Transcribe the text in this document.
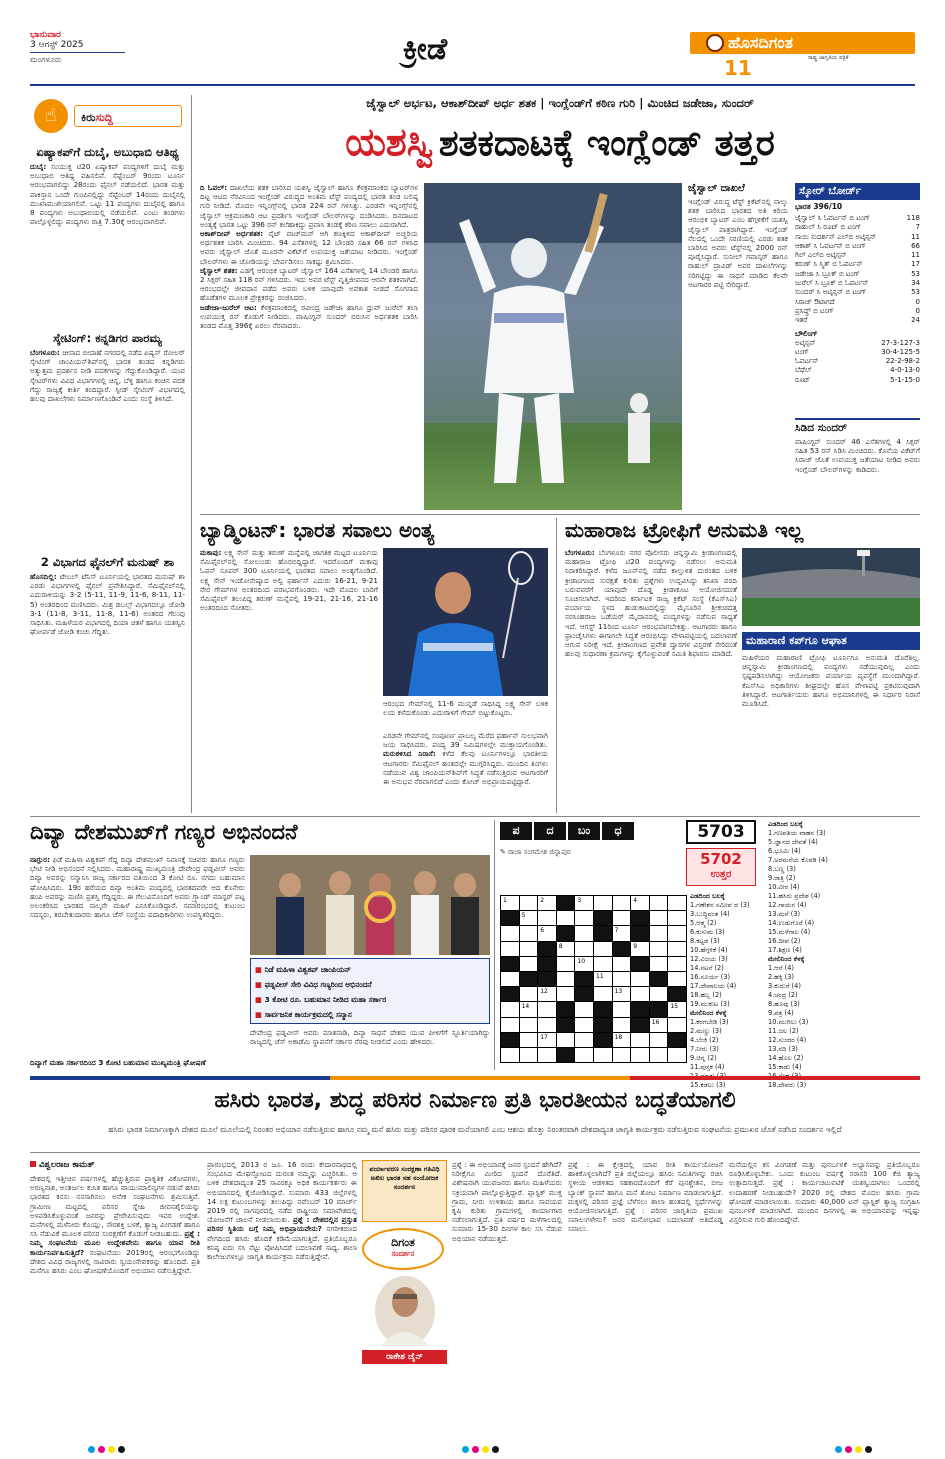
ಭಾನುವಾರ
3 ಆಗಸ್ಟ್ 2025
ಮಂಗಳೂರು	ಕ್ರೀಡೆ	ಹೊಸದಿಗಂತ
ರಾಷ್ಟ್ರ ಜಾಗೃತಿಯ ಪತ್ರಿಕೆ
11
☝	ಕಿರುಸುದ್ದಿ
ಏಷ್ಯಾಕಪ್‌ಗೆ ದುಬೈ, ಅಬುಧಾಬಿ ಆತಿಥ್ಯ
ದುಬೈ: ಸಂಯುಕ್ತ ಟಿ20 ಏಷ್ಯಾಕಪ್ ಪಂದ್ಯಗಳಿಗೆ ದುಬೈ ಮತ್ತು ಅಬುಧಾಬಿ ಆತಿಥ್ಯ ವಹಿಸಲಿವೆ. ಸೆಪ್ಟೆಂಬರ್ 9ರಂದು ಟೂರ್ನಿ ಆರಂಭವಾಗಲಿದ್ದು 28ರಂದು ಫೈನಲ್ ನಡೆಯಲಿದೆ. ಭಾರತ ಮತ್ತು ಪಾಕಿಸ್ತಾನ ಒಂದೇ ಗುಂಪಿನಲ್ಲಿದ್ದು ಸೆಪ್ಟೆಂಬರ್ 14ರಂದು ದುಬೈನಲ್ಲಿ ಮುಖಾಮುಖಿಯಾಗಲಿವೆ. ಒಟ್ಟು 11 ಪಂದ್ಯಗಳು ದುಬೈನಲ್ಲಿ ಹಾಗೂ 8 ಪಂದ್ಯಗಳು ಅಬುಧಾಬಿಯಲ್ಲಿ ನಡೆಯಲಿವೆ. ಎಂಟು ತಂಡಗಳು ಪಾಲ್ಗೊಳ್ಳಲಿದ್ದು ಪಂದ್ಯಗಳು ರಾತ್ರಿ 7.30ಕ್ಕೆ ಆರಂಭವಾಗಲಿವೆ.
ಸ್ಕೇಟಿಂಗ್: ಕನ್ನಡಿಗರ ಪಾರಮ್ಯ
ಬೆಂಗಳೂರು: ಚೀನಾದ ಬೀದಾಹೆ ನಗರದಲ್ಲಿ ನಡೆದ ಏಷ್ಯನ್ ರೋಲರ್ ಸ್ಕೇಟಿಂಗ್ ಚಾಂಪಿಯನ್‌ಶಿಪ್‌ನಲ್ಲಿ ಭಾರತ ತಂಡದ ಕನ್ನಡಿಗರು ಅತ್ಯುತ್ತಮ ಪ್ರದರ್ಶನ ನೀಡಿ ಪದಕಗಳನ್ನು ಗೆದ್ದುಕೊಂಡಿದ್ದಾರೆ. ಯುವ ಸ್ಕೇಟರ್‌ಗಳು ವಿವಿಧ ವಿಭಾಗಗಳಲ್ಲಿ ಚಿನ್ನ, ಬೆಳ್ಳಿ ಹಾಗೂ ಕಂಚಿನ ಪದಕ ಗೆದ್ದು ರಾಜ್ಯಕ್ಕೆ ಕೀರ್ತಿ ತಂದಿದ್ದಾರೆ. ಸ್ಪೀಡ್ ಸ್ಕೇಟಿಂಗ್ ವಿಭಾಗದಲ್ಲಿ ಹಲವು ದಾಖಲೆಗಳು ನಿರ್ಮಾಣಗೊಂಡಿವೆ ಎಂದು ಸಂಸ್ಥೆ ತಿಳಿಸಿದೆ.
2 ವಿಭಾಗದ ಫೈನಲ್‌ಗೆ ಮನುಷ್ ಶಾ
ಹೊಸದಿಲ್ಲಿ: ಟೇಬಲ್ ಟೆನಿಸ್ ಟೂರ್ನಿಯಲ್ಲಿ ಭಾರತದ ಮನುಷ್ ಶಾ ಎರಡು ವಿಭಾಗಗಳಲ್ಲಿ ಫೈನಲ್ ಪ್ರವೇಶಿಸಿದ್ದಾರೆ. ಸೆಮಿಫೈನಲ್‌ನಲ್ಲಿ ಎದುರಾಳಿಯನ್ನು 3-2 (5-11, 11-9, 11-6, 8-11, 11-5) ಅಂತರದಿಂದ ಮಣಿಸಿದರು. ಮಿಶ್ರ ಡಬಲ್ಸ್ ವಿಭಾಗದಲ್ಲೂ ಜೋಡಿ 3-1 (11-8, 3-11, 11-8, 11-6) ಅಂತರದ ಗೆಲುವು ಸಾಧಿಸಿತು. ಮಹಿಳೆಯರ ವಿಭಾಗದಲ್ಲಿ ದಿಯಾ ಚಿತಳೆ ಹಾಗೂ ಯಶಸ್ವಿನಿ ಘೋರ್ಪಡೆ ಜೋಡಿ ಕಂಚು ಗೆದ್ದಿತು.
ಜೈಸ್ವಾಲ್ ಅರ್ಭಟ, ಆಕಾಶ್‌ದೀಪ್ ಅರ್ಧ ಶತಕ | ಇಂಗ್ಲೆಂಡ್‌ಗೆ ಕಠಿಣ ಗುರಿ | ಮಿಂಚಿದ ಜಡೇಜಾ, ಸುಂದರ್
ಯಶಸ್ವಿ ಶತಕದಾಟಕ್ಕೆ ಇಂಗ್ಲೆಂಡ್ ತತ್ತರ
ದಿ ಓವಲ್: ದಾಖಲೆಯ ಶತಕ ಬಾರಿಸಿದ ಯಶಸ್ವಿ ಜೈಸ್ವಾಲ್ ಹಾಗೂ ಕೆಳಕ್ರಮಾಂಕದ ಬ್ಯಾಟರ್‌ಗಳ ದಿಟ್ಟ ಆಟದ ನೆರವಿನಿಂದ ಇಂಗ್ಲೆಂಡ್ ವಿರುದ್ಧದ ಅಂತಿಮ ಟೆಸ್ಟ್ ಪಂದ್ಯದಲ್ಲಿ ಭಾರತ ತಂಡ ಬಲಿಷ್ಠ ಗುರಿ ನೀಡಿದೆ. ಮೊದಲ ಇನ್ನಿಂಗ್ಸ್‌ನಲ್ಲಿ ಭಾರತ 224 ರನ್ ಗಳಿಸಿತ್ತು. ಎರಡನೇ ಇನ್ನಿಂಗ್ಸ್‌ನಲ್ಲಿ ಜೈಸ್ವಾಲ್ ಆಕ್ರಮಣಕಾರಿ ಆಟ ಪ್ರದರ್ಶಿಸಿ ಇಂಗ್ಲೆಂಡ್ ಬೌಲರ್‌ಗಳನ್ನು ದಂಡಿಸಿದರು. ದಿನದಾಟದ ಅಂತ್ಯಕ್ಕೆ ಭಾರತ ಒಟ್ಟು 396 ರನ್ ಕಲೆಹಾಕಿದ್ದು ಪ್ರವಾಸಿ ತಂಡಕ್ಕೆ ಕಠಿಣ ಸವಾಲು ಎದುರಾಗಿದೆ.
ಆಕಾಶ್‌ದೀಪ್ ಅರ್ಧಶತಕ: ನೈಟ್ ವಾಚ್‌ಮನ್ ಆಗಿ ಕಣಕ್ಕಿಳಿದ ಆಕಾಶ್‌ದೀಪ್ ಅಚ್ಚರಿಯ ಅರ್ಧಶತಕ ಬಾರಿಸಿ ಮಿಂಚಿದರು. 94 ಎಸೆತಗಳಲ್ಲಿ 12 ಬೌಂಡರಿ ಸಹಿತ 66 ರನ್ ಗಳಿಸಿದ ಅವರು ಜೈಸ್ವಾಲ್ ಜೊತೆ ಮೂರನೇ ವಿಕೆಟ್‌ಗೆ ಉಪಯುಕ್ತ ಜತೆಯಾಟ ನೀಡಿದರು. ಇಂಗ್ಲೆಂಡ್ ಬೌಲರ್‌ಗಳು ಈ ಜೋಡಿಯನ್ನು ಬೇರ್ಪಡಿಸಲು ಸಾಕಷ್ಟು ಶ್ರಮಿಸಿದರು.
ಜೈಸ್ವಾಲ್ ಶತಕ: ಎಡಗೈ ಆರಂಭಿಕ ಬ್ಯಾಟರ್ ಜೈಸ್ವಾಲ್ 164 ಎಸೆತಗಳಲ್ಲಿ 14 ಬೌಂಡರಿ ಹಾಗೂ 2 ಸಿಕ್ಸರ್ ಸಹಿತ 118 ರನ್ ಗಳಿಸಿದರು. ಇದು ಅವರ ಟೆಸ್ಟ್ ವೃತ್ತಿಜೀವನದ ಆರನೇ ಶತಕವಾಗಿದೆ. ಆರಂಭದಲ್ಲೇ ಜೀವದಾನ ಪಡೆದ ಅವರು ಬಳಿಕ ಯಾವುದೇ ಅವಕಾಶ ನೀಡದೆ ಸೊಗಸಾದ ಹೊಡೆತಗಳ ಮೂಲಕ ಪ್ರೇಕ್ಷಕರನ್ನು ರಂಜಿಸಿದರು.
ಜಡೇಜಾ-ಜುರೆಲ್ ಆಟ: ಕೆಳಕ್ರಮಾಂಕದಲ್ಲಿ ರವೀಂದ್ರ ಜಡೇಜಾ ಹಾಗೂ ಧ್ರುವ್ ಜುರೆಲ್ ತಲಾ ಉಪಯುಕ್ತ ರನ್ ಕೊಡುಗೆ ನೀಡಿದರು. ವಾಷಿಂಗ್ಟನ್ ಸುಂದರ್ ಬಿರುಸಿನ ಅರ್ಧಶತಕ ಬಾರಿಸಿ ತಂಡದ ಮೊತ್ತ 396ಕ್ಕೆ ಏರಲು ನೆರವಾದರು.
ಜೈಸ್ವಾಲ್ ದಾಖಲೆ
ಇಂಗ್ಲೆಂಡ್ ವಿರುದ್ಧ ಟೆಸ್ಟ್ ಕ್ರಿಕೆಟ್‌ನಲ್ಲಿ ನಾಲ್ಕು ಶತಕ ಬಾರಿಸಿದ ಭಾರತದ ಅತಿ ಕಿರಿಯ ಆರಂಭಿಕ ಬ್ಯಾಟರ್ ಎಂಬ ಹೆಗ್ಗಳಿಕೆಗೆ ಯಶಸ್ವಿ ಜೈಸ್ವಾಲ್ ಪಾತ್ರರಾಗಿದ್ದಾರೆ. ಇಂಗ್ಲೆಂಡ್ ನೆಲದಲ್ಲಿ ಒಂದೇ ಸರಣಿಯಲ್ಲಿ ಎರಡು ಶತಕ ಬಾರಿಸಿದ ಅವರು ಟೆಸ್ಟ್‌ನಲ್ಲಿ 2000 ರನ್ ಪೂರೈಸಿದ್ದಾರೆ. ಸುನೀಲ್ ಗವಾಸ್ಕರ್ ಹಾಗೂ ರಾಹುಲ್ ದ್ರಾವಿಡ್ ಅವರ ದಾಖಲೆಗಳನ್ನು ಸರಿಗಟ್ಟಿದ್ದು ಈ ಸಾಧನೆ ಮಾಡಿದ ಕೆಲವೇ ಆಟಗಾರರ ಪಟ್ಟಿ ಸೇರಿದ್ದಾರೆ.
ಸ್ಕೋರ್ ಬೋರ್ಡ್
ಭಾರತ 396/10
ಜೈಸ್ವಾಲ್ ಸಿ ಓವರ್ಟನ್ ಬಿ ಟಂಗ್	118
ರಾಹುಲ್ ಸಿ ರೂಟ್ ಬಿ ಟಂಗ್	7
ಸಾಯಿ ಸುದರ್ಶನ್ ಎಲ್‌ಬಿ ಅಟ್ಕಿನ್ಸನ್	11
ಆಕಾಶ್ ಸಿ ಓವರ್ಟನ್ ಬಿ ಟಂಗ್	66
ಗಿಲ್ ಎಲ್‌ಬಿ ಅಟ್ಕಿನ್ಸನ್	11
ಕರುಣ್ ಸಿ ಸ್ಮಿತ್ ಬಿ ಓವರ್ಟನ್	17
ಜಡೇಜಾ ಸಿ ಬ್ರೂಕ್ ಬಿ ಟಂಗ್	53
ಜುರೆಲ್ ಸಿ ಬ್ರೂಕ್ ಬಿ ಓವರ್ಟನ್	34
ಸುಂದರ್ ಸಿ ಅಟ್ಕಿನ್ಸನ್ ಬಿ ಟಂಗ್	53
ಸಿರಾಜ್ ಔಟಾಗದೆ	0
ಪ್ರಸಿದ್ಧ್ ಬಿ ಟಂಗ್	0
ಇತರೆ	24
ಬೌಲಿಂಗ್
ಅಟ್ಕಿನ್ಸನ್	27-3-127-3
ಟಂಗ್	30-4-125-5
ಓವರ್ಟನ್	22-2-98-2
ಬೆಥೆಲ್	4-0-13-0
ರೂಟ್	5-1-15-0
ಸಿಡಿದ ಸುಂದರ್
ವಾಷಿಂಗ್ಟನ್ ಸುಂದರ್ 46 ಎಸೆತಗಳಲ್ಲಿ 4 ಸಿಕ್ಸರ್ ಸಹಿತ 53 ರನ್ ಸಿಡಿಸಿ ಮಿಂಚಿದರು. ಕೊನೆಯ ವಿಕೆಟ್‌ಗೆ ಸಿರಾಜ್ ಜೊತೆ ಉಪಯುಕ್ತ ಜತೆಯಾಟ ನೀಡಿದ ಅವರು ಇಂಗ್ಲೆಂಡ್ ಬೌಲರ್‌ಗಳನ್ನು ಕಾಡಿದರು.
ಬ್ಯಾಡ್ಮಿಂಟನ್: ಭಾರತ ಸವಾಲು ಅಂತ್ಯ
ಮಕಾವು: ಲಕ್ಷ್ಯ ಸೇನ್ ಮತ್ತು ತರುಣ್ ಮನ್ನೆಪಲ್ಲಿ ಜಾಗತಿಕ ಮಟ್ಟದ ಟೂರ್ನಿಯ ಸೆಮಿಫೈನಲ್‌ನಲ್ಲಿ ಸೋಲುಂಡು ಹೊರಬಿದ್ದಿದ್ದಾರೆ. ಇದರೊಂದಿಗೆ ಮಕಾವು ಓಪನ್ ಸೂಪರ್ 300 ಟೂರ್ನಿಯಲ್ಲಿ ಭಾರತದ ಸವಾಲು ಅಂತ್ಯಗೊಂಡಿದೆ. ಲಕ್ಷ್ಯ ಸೇನ್ ಇಂಡೋನೇಷ್ಯಾದ ಅಲ್ವಿ ಫರ್ಹಾನ್ ಎದುರು 16-21, 9-21 ನೇರ ಗೇಮ್‌ಗಳ ಅಂತರದಿಂದ ಪರಾಭವಗೊಂಡರು. ಇದೇ ಮೊದಲ ಬಾರಿಗೆ ಸೆಮಿಫೈನಲ್ ತಲುಪಿದ್ದ ತರುಣ್ ಮನ್ನೆಪಲ್ಲಿ 19-21, 21-16, 21-16 ಅಂತರದಿಂದ ಸೋತರು.
ಆರಂಭದ ಗೇಮ್‌ನಲ್ಲಿ 11-6 ಮುನ್ನಡೆ ಸಾಧಿಸಿದ್ದ ಲಕ್ಷ್ಯ ಸೇನ್ ಬಳಿಕ ಲಯ ಕಳೆದುಕೊಂಡು ಎದುರಾಳಿಗೆ ಗೇಮ್ ಬಿಟ್ಟುಕೊಟ್ಟರು.
ಎರಡನೇ ಗೇಮ್‌ನಲ್ಲಿ ಸಂಪೂರ್ಣ ಪ್ರಾಬಲ್ಯ ಮೆರೆದ ಫರ್ಹಾನ್ ಸುಲಭವಾಗಿ ಜಯ ಸಾಧಿಸಿದರು. ಪಂದ್ಯ 39 ನಿಮಿಷಗಳಲ್ಲೇ ಮುಕ್ತಾಯಗೊಂಡಿತು. ಮರುಕಳಿಸಿದ ನಿರಾಸೆ: ಕಳೆದ ಕೆಲವು ಟೂರ್ನಿಗಳಲ್ಲೂ ಭಾರತೀಯ ಆಟಗಾರರು ಸೆಮಿಫೈನಲ್ ಹಂತದಲ್ಲೇ ಮುಗ್ಗರಿಸಿದ್ದರು. ಮುಂದಿನ ತಿಂಗಳು ನಡೆಯುವ ವಿಶ್ವ ಚಾಂಪಿಯನ್‌ಶಿಪ್‌ಗೆ ಸಿದ್ಧತೆ ನಡೆಸುತ್ತಿರುವ ಆಟಗಾರರಿಗೆ ಈ ಅನುಭವ ನೆರವಾಗಲಿದೆ ಎಂದು ಕೋಚ್ ಅಭಿಪ್ರಾಯಪಟ್ಟಿದ್ದಾರೆ.
ಮಹಾರಾಜ ಟ್ರೋಫಿಗೆ ಅನುಮತಿ ಇಲ್ಲ
ಬೆಂಗಳೂರು: ಬೆಂಗಳೂರು ನಗರ ಪೊಲೀಸರು ಚಿನ್ನಸ್ವಾಮಿ ಕ್ರೀಡಾಂಗಣದಲ್ಲಿ ಮಹಾರಾಜ ಟ್ರೋಫಿ ಟಿ20 ಪಂದ್ಯಗಳನ್ನು ನಡೆಸಲು ಅನುಮತಿ ನಿರಾಕರಿಸಿದ್ದಾರೆ. ಕಳೆದ ಜೂನ್‌ನಲ್ಲಿ ನಡೆದ ಕಾಲ್ತುಳಿತ ದುರಂತದ ಬಳಿಕ ಕ್ರೀಡಾಂಗಣದ ಸುರಕ್ಷತೆ ಕುರಿತು ಪ್ರಶ್ನೆಗಳು ಉದ್ಭವಿಸಿದ್ದು ತನಿಖಾ ವರದಿ ಬರುವವರೆಗೆ ಯಾವುದೇ ದೊಡ್ಡ ಕ್ರೀಡಾಕೂಟ ಆಯೋಜಿಸದಂತೆ ಸೂಚಿಸಲಾಗಿದೆ. ಇದರಿಂದ ಕರ್ನಾಟಕ ರಾಜ್ಯ ಕ್ರಿಕೆಟ್ ಸಂಸ್ಥೆ (ಕೆಎಸ್‌ಸಿಎ) ಪರ್ಯಾಯ ಸ್ಥಳದ ಹುಡುಕಾಟದಲ್ಲಿದ್ದು ಮೈಸೂರಿನ ಶ್ರೀಕಂಠದತ್ತ ನರಸಿಂಹರಾಜ ಒಡೆಯರ್ ಮೈದಾನದಲ್ಲಿ ಪಂದ್ಯಗಳನ್ನು ನಡೆಸುವ ಸಾಧ್ಯತೆ ಇದೆ. ಆಗಸ್ಟ್ 11ರಿಂದ ಟೂರ್ನಿ ಆರಂಭವಾಗಬೇಕಿತ್ತು. ಆಟಗಾರರು ಹಾಗೂ ಫ್ರಾಂಚೈಸಿಗಳು ಈಗಾಗಲೇ ಸಿದ್ಧತೆ ಆರಂಭಿಸಿದ್ದು ವೇಳಾಪಟ್ಟಿಯಲ್ಲಿ ಬದಲಾವಣೆ ಆಗುವ ನಿರೀಕ್ಷೆ ಇದೆ. ಕ್ರೀಡಾಂಗಣದ ಪ್ರವೇಶ ದ್ವಾರಗಳ ವಿಸ್ತರಣೆ ಸೇರಿದಂತೆ ಹಲವು ಸುಧಾರಣಾ ಕ್ರಮಗಳನ್ನು ಕೈಗೊಳ್ಳುವಂತೆ ಸಮಿತಿ ಶಿಫಾರಸು ಮಾಡಿದೆ.
ಮಹಾರಾಣಿ ಕಪ್‌ಗೂ ಆಘಾತ
ಮಹಿಳೆಯರ ಮಹಾರಾಣಿ ಟ್ರೋಫಿ ಟೂರ್ನಿಗೂ ಅನುಮತಿ ದೊರೆತಿಲ್ಲ. ಚಿನ್ನಸ್ವಾಮಿ ಕ್ರೀಡಾಂಗಣದಲ್ಲಿ ಪಂದ್ಯಗಳು ನಡೆಯುವುದಿಲ್ಲ ಎಂದು ಸ್ಪಷ್ಟಪಡಿಸಲಾಗಿದ್ದು ಆಯೋಜಕರು ಪರ್ಯಾಯ ವ್ಯವಸ್ಥೆಗೆ ಮುಂದಾಗಿದ್ದಾರೆ. ಕೆಎಸ್‌ಸಿಎ ಅಧಿಕಾರಿಗಳು ಶೀಘ್ರದಲ್ಲೇ ಹೊಸ ವೇಳಾಪಟ್ಟಿ ಪ್ರಕಟಿಸುವುದಾಗಿ ತಿಳಿಸಿದ್ದಾರೆ. ಆಟಗಾರ್ತಿಯರು ಹಾಗೂ ಅಭಿಮಾನಿಗಳಲ್ಲಿ ಈ ನಿರ್ಧಾರ ನಿರಾಸೆ ಮೂಡಿಸಿದೆ.
ದಿವ್ಯಾ ದೇಶಮುಖ್‌ಗೆ ಗಣ್ಯರ ಅಭಿನಂದನೆ
ನಾಗ್ಪುರ: ಫಿಡೆ ಮಹಿಳಾ ವಿಶ್ವಕಪ್ ಗೆದ್ದ ದಿವ್ಯಾ ದೇಶಮುಖ್ ನಿವಾಸಕ್ಕೆ ಸಚಿವರು ಹಾಗೂ ಗಣ್ಯರು ಭೇಟಿ ನೀಡಿ ಅಭಿನಂದನೆ ಸಲ್ಲಿಸಿದರು. ಮಹಾರಾಷ್ಟ್ರ ಮುಖ್ಯಮಂತ್ರಿ ದೇವೇಂದ್ರ ಫಡ್ನವೀಸ್ ಅವರು ದಿವ್ಯಾ ಅವರನ್ನು ಸನ್ಮಾನಿಸಿ ರಾಜ್ಯ ಸರ್ಕಾರದ ವತಿಯಿಂದ 3 ಕೋಟಿ ರೂ. ನಗದು ಬಹುಮಾನ ಘೋಷಿಸಿದರು. 19ರ ಹರೆಯದ ದಿವ್ಯಾ ಅಂತಿಮ ಪಂದ್ಯದಲ್ಲಿ ಭಾರತದವರೇ ಆದ ಕೊನೇರು ಹಂಪಿ ಅವರನ್ನು ಮಣಿಸಿ ಪ್ರಶಸ್ತಿ ಗೆದ್ದಿದ್ದರು. ಈ ಗೆಲುವಿನೊಂದಿಗೆ ಅವರು ಗ್ರ್ಯಾಂಡ್ ಮಾಸ್ಟರ್ ಪಟ್ಟ ಅಲಂಕರಿಸಿದ ಭಾರತದ ನಾಲ್ಕನೇ ಮಹಿಳೆ ಎನಿಸಿಕೊಂಡಿದ್ದಾರೆ. ಸಮಾರಂಭದಲ್ಲಿ ಕುಟುಂಬ ಸದಸ್ಯರು, ತರಬೇತುದಾರರು ಹಾಗೂ ಚೆಸ್ ಸಂಸ್ಥೆಯ ಪದಾಧಿಕಾರಿಗಳು ಉಪಸ್ಥಿತರಿದ್ದರು.
■ ನಿಡೆ ಮಹಿಳಾ ವಿಶ್ವಕಪ್ ಚಾಂಪಿಯನ್
■ ಫಡ್ನವೀಸ್ ಸೇರಿ ವಿವಿಧ ಗಣ್ಯರಿಂದ ಅಭಿನಂದನೆ
■ 3 ಕೋಟಿ ರೂ. ಬಹುಮಾನ ನೀಡಿದ ಮಹಾ ಸರ್ಕಾರ
■ ಸಾರ್ವಜನಿಕ ಕಾರ್ಯಕ್ರಮದಲ್ಲಿ ಸನ್ಮಾನ
ದೇವೇಂದ್ರ ಫಡ್ನವೀಸ್ ಅವರು ಮಾತನಾಡಿ, ದಿವ್ಯಾ ಸಾಧನೆ ದೇಶದ ಯುವ ಪೀಳಿಗೆಗೆ ಸ್ಫೂರ್ತಿಯಾಗಿದ್ದು ರಾಜ್ಯದಲ್ಲಿ ಚೆಸ್ ಅಕಾಡೆಮಿ ಸ್ಥಾಪನೆಗೆ ಸರ್ಕಾರ ನೆರವು ನೀಡಲಿದೆ ಎಂದು ಹೇಳಿದರು.
ದಿವ್ಯಾಗೆ ಮಹಾ ಸರ್ಕಾರದಿಂದ 3 ಕೋಟಿ ಬಹುಮಾನ ಮುಖ್ಯಮಂತ್ರಿ ಘೋಷಣೆ
ಪ	ದ	ಬಂ	ಧ	5703
✎ ರಾಜಾ ಸಂಗಮೇಶ ಜಿನ್ನಾಪುರ	5702
ಉತ್ತರ
1	2	3	4
5
6	7
8	9
10
11
12	13
14	15
16
17	18
ಎಡದಿಂದ ಬಲಕ್ಕೆ
1.ಗಣೇಶನ ಸಮೀಪ ದ (3)
3.ಬುದ್ಧಿವಂತ (4)
5.ಆತ್ಮ (2)
6.ಕುಸುಮ (3)
8.ಕಟ್ಟಡ (3)
10.ಹೆಗ್ಗಳಿಕೆ (4)
12.ವಿಜಯ (3)
14.ನಟನೆ (2)
16.ಸೂರ್ಯ (3)
17.ದೇವಾಲಯ (4)
18.ಹಬ್ಬ (2)
19.ಮುಕುಟ (3)
ಮೇಲಿನಿಂದ ಕೆಳಕ್ಕೆ
1.ಕರಗಬೇಡಿ (3)
2.ಮಣ್ಣು (3)
4.ಬೆಂಕಿ (2)
7.ನೀರು (3)
9.ಚಿನ್ನ (2)
11.ಪುಸ್ತಕ (4)
15.ಕಡಲು (3)
ಎಡದಿಂದ ಬಲಕ್ಕೆ
1.ಗಣಪತಿಯ ವಾಹನ (3)
5.ಜ್ಞಾನದ ದೇವತೆ (4)
6.ಭೂಮಿ (4)
7.ಅರಮನೆಯ ಕೊಠಡಿ (4)
8.ಬಣ್ಣ (3)
9.ರಾತ್ರಿ (2)
10.ವೀರ (4)
11.ಹಸಿರು ಪ್ರದೇಶ (4)
12.ಗಾಯನ (4)
13.ಮನೆ (3)
14.ಉಡುಗೊರೆ (4)
15.ಮಳೆಗಾಲ (4)
16.ದೀಪ (2)
17.ಶಿಕ್ಷಣ (4)
ಮೇಲಿನಿಂದ ಕೆಳಕ್ಕೆ
1.ಆನೆ (4)
2.ಹಕ್ಕಿ (3)
3.ಕುದುರೆ (4)
4.ಚಂದ್ರ (2)
8.ಹೂವು (3)
9.ಪತ್ರ (4)
10.ಮುಗಿಲು (3)
11.ಜಲ (2)
12.ಸುಂದರ (4)
13.ನದಿ (3)
14.ಹೊಲ (2)
15.ಕಾಡು (4)
18.ದೇವರು (3)
ಹಸಿರು ಭಾರತ, ಶುದ್ಧ ಪರಿಸರ ನಿರ್ಮಾಣ ಪ್ರತಿ ಭಾರತೀಯನ ಬದ್ಧತೆಯಾಗಲಿ
ಹಸಿರು ಭಾರತ ನಿರ್ಮಾಣಕ್ಕಾಗಿ ದೇಶದ ಮೂಲೆ ಮೂಲೆಯಲ್ಲಿ ನಿರಂತರ ಅಭಿಯಾನ ನಡೆಸುತ್ತಿರುವ ಹಾಗೂ ನಮ್ಮ ಮನೆ ಹಸಿರು ಮತ್ತು ಪರಿಸರ ಪೂರಕ ಮನೆಯಾಗಲಿ ಎಂಬ ಆಶಯ ಹೊತ್ತು ನಿರಂತರವಾಗಿ ದೇಶದಾದ್ಯಂತ ಜಾಗೃತಿ ಕಾರ್ಯಕ್ರಮ ನಡೆಸುತ್ತಿರುವ ಸಂಘಟನೆಯ ಪ್ರಮುಖರ ಜೊತೆ ನಡೆಸಿದ ಸಂದರ್ಶನ ಇಲ್ಲಿದೆ
ವಿಶ್ವಲರಾಜ ಕಾಮತ್
ದೇಶದಲ್ಲಿ ಇತ್ತೀಚಿನ ವರ್ಷಗಳಲ್ಲಿ ಹೆಚ್ಚುತ್ತಿರುವ ಪ್ರಾಕೃತಿಕ ವಿಕೋಪಗಳು, ಅರಣ್ಯನಾಶ, ಅಂತರ್ಜಲ ಕುಸಿತ ಹಾಗೂ ವಾಯುಮಾಲಿನ್ಯಗಳ ನಡುವೆ ಹಸಿರು ಭಾರತದ ಕನಸು ನನಸಾಗಿಸಲು ಅನೇಕ ಸಂಘಟನೆಗಳು ಶ್ರಮಿಸುತ್ತಿವೆ. ಗ್ರಾಮೀಣ ಮಟ್ಟದಲ್ಲಿ ಪರಿಸರ ಸ್ನೇಹಿ ಜೀವನಶೈಲಿಯನ್ನು ಅಳವಡಿಸಿಕೊಳ್ಳುವಂತೆ ಜನರನ್ನು ಪ್ರೇರೇಪಿಸುವುದು ಇವರ ಉದ್ದೇಶ. ಮನೆಗಳಲ್ಲಿ ಮಳೆನೀರು ಕೊಯ್ಲು, ಸೌರಶಕ್ತಿ ಬಳಕೆ, ತ್ಯಾಜ್ಯ ವಿಂಗಡಣೆ ಹಾಗೂ ಸಸಿ ನೆಡುವಿಕೆ ಮೂಲಕ ಪರಿಸರ ಸಂರಕ್ಷಣೆಗೆ ಕೊಡುಗೆ ನೀಡಬಹುದು. ಪ್ರಶ್ನೆ : ನಿಮ್ಮ ಸಂಘಟನೆಯ ಮೂಲ ಉದ್ದೇಶವೇನು ಹಾಗೂ ಯಾವ ರೀತಿ ಕಾರ್ಯನಿರ್ವಹಿಸುತ್ತಿದೆ? ಸಂಘಟನೆಯು 2019ರಲ್ಲಿ ಆರಂಭಗೊಂಡಿದ್ದು ದೇಶದ ವಿವಿಧ ರಾಜ್ಯಗಳಲ್ಲಿ ಸಾವಿರಾರು ಸ್ವಯಂಸೇವಕರನ್ನು ಹೊಂದಿದೆ. ಪ್ರತಿ ಮನೆಗೂ ಹಸಿರು ಎಂಬ ಘೋಷಣೆಯೊಂದಿಗೆ ಅಭಿಯಾನ ನಡೆಸುತ್ತಿದ್ದೇವೆ.
ಪ್ರಾರಂಭದಲ್ಲಿ 2013 ರ ಜೂ. 16 ರಂದು ಕೇದಾರನಾಥದಲ್ಲಿ ಸಂಭವಿಸಿದ ಮೇಘಸ್ಫೋಟದ ದುರಂತ ನಮ್ಮನ್ನು ಎಚ್ಚರಿಸಿತು. ಆ ಬಳಿಕ ದೇಶದಾದ್ಯಂತ 25 ಸಾವಿರಕ್ಕೂ ಅಧಿಕ ಕಾರ್ಯಕರ್ತರು ಈ ಅಭಿಯಾನದಲ್ಲಿ ಕೈಜೋಡಿಸಿದ್ದಾರೆ. ಸುಮಾರು 433 ಜಿಲ್ಲೆಗಳಲ್ಲಿ 14 ಲಕ್ಷ ಕುಟುಂಬಗಳನ್ನು ತಲುಪಿದ್ದು ನವೆಂಬರ್ 10 ಮಾರ್ಚ್ 2019 ರಲ್ಲಿ ನಾಗಪುರದಲ್ಲಿ ನಡೆದ ರಾಷ್ಟ್ರೀಯ ಸಮಾವೇಶದಲ್ಲಿ ಯೋಜನೆಗೆ ಚಾಲನೆ ನೀಡಲಾಯಿತು. ಪ್ರಶ್ನೆ : ದೇಶದಲ್ಲಿನ ಪ್ರಸ್ತುತ ಪರಿಸರ ಸ್ಥಿತಿಯ ಬಗ್ಗೆ ನಿಮ್ಮ ಅಭಿಪ್ರಾಯವೇನು? ನಗರೀಕರಣದ ವೇಗದಿಂದ ಹಸಿರು ಹೊದಿಕೆ ಕಡಿಮೆಯಾಗುತ್ತಿದೆ. ಪ್ರತಿಯೊಬ್ಬರೂ ಕನಿಷ್ಠ ಐದು ಸಸಿ ನೆಟ್ಟು ಪೋಷಿಸಿದರೆ ಬದಲಾವಣೆ ಸಾಧ್ಯ. ಶಾಲಾ ಕಾಲೇಜುಗಳಲ್ಲೂ ಜಾಗೃತಿ ಕಾರ್ಯಕ್ರಮ ನಡೆಸುತ್ತಿದ್ದೇವೆ.
ಪರ್ಯಾವರಣ ಸಂರಕ್ಷಣಾ ಗತಿವಿಧಿ ಅಖಿಲ ಭಾರತ ಸಹ ಸಂಯೋಜಕ ಸಂದರ್ಶನ
ದಿಗಂತ
ಸಂದರ್ಶನ
ರಾಕೇಶ ಜೈನ್
ಪ್ರಶ್ನೆ : ಈ ಅಭಿಯಾನಕ್ಕೆ ಜನರ ಸ್ಪಂದನೆ ಹೇಗಿದೆ? ನಿರೀಕ್ಷೆಗೂ ಮೀರಿದ ಸ್ಪಂದನೆ ದೊರೆತಿದೆ. ವಿಶೇಷವಾಗಿ ಯುವಜನರು ಹಾಗೂ ಮಹಿಳೆಯರು ಸಕ್ರಿಯವಾಗಿ ಪಾಲ್ಗೊಳ್ಳುತ್ತಿದ್ದಾರೆ. ಪ್ಲಾಸ್ಟಿಕ್ ಮುಕ್ತ ಗ್ರಾಮ, ನೀರು ಉಳಿತಾಯ ಹಾಗೂ ಸಾವಯವ ಕೃಷಿ ಕುರಿತು ಗ್ರಾಮಗಳಲ್ಲಿ ಕಾರ್ಯಾಗಾರ ನಡೆಸಲಾಗುತ್ತಿದೆ. ಪ್ರತಿ ವರ್ಷದ ಮಳೆಗಾಲದಲ್ಲಿ ಸುಮಾರು 15-30 ದಿನಗಳ ಕಾಲ ಸಸಿ ನೆಡುವ ಅಭಿಯಾನ ನಡೆಯುತ್ತದೆ.
ಪ್ರಶ್ನೆ : ಈ ಕ್ಷೇತ್ರದಲ್ಲಿ ಯಾವ ರೀತಿ ಕಾರ್ಯಯೋಜನೆ ಹಾಕಿಕೊಳ್ಳಲಾಗಿದೆ? ಪ್ರತಿ ಜಿಲ್ಲೆಯಲ್ಲೂ ಹಸಿರು ಸಮಿತಿಗಳನ್ನು ರಚಿಸಿ ಸ್ಥಳೀಯ ಆಡಳಿತದ ಸಹಕಾರದೊಂದಿಗೆ ಕೆರೆ ಪುನಶ್ಚೇತನ, ಬೀಜ ಬ್ಯಾಂಕ್ ಸ್ಥಾಪನೆ ಹಾಗೂ ಮನೆ ತೋಟ ನಿರ್ಮಾಣ ಮಾಡಲಾಗುತ್ತಿದೆ. ಮಕ್ಕಳಲ್ಲಿ ಪರಿಸರ ಪ್ರಜ್ಞೆ ಬೆಳೆಸಲು ಶಾಲಾ ಹಂತದಲ್ಲಿ ಸ್ಪರ್ಧೆಗಳನ್ನು ಆಯೋಜಿಸಲಾಗುತ್ತಿದೆ. ಪ್ರಶ್ನೆ : ಪರಿಸರ ಜಾಗೃತಿಯ ಪ್ರಮುಖ ಸವಾಲುಗಳೇನು? ಜನರ ಮನೋಭಾವ ಬದಲಾವಣೆ ಅತಿದೊಡ್ಡ ಸವಾಲು.
ಮನೆಯಲ್ಲಿನ ಕಸ ವಿಂಗಡಣೆ ಮತ್ತು ಪುನರ್ಬಳಕೆ ಅಭ್ಯಾಸವನ್ನು ಪ್ರತಿಯೊಬ್ಬರೂ ರೂಢಿಸಿಕೊಳ್ಳಬೇಕು. ಒಂದು ಕುಟುಂಬ ವರ್ಷಕ್ಕೆ ಸರಾಸರಿ 100 ಕೆಜಿ ತ್ಯಾಜ್ಯ ಉತ್ಪಾದಿಸುತ್ತದೆ. ಪ್ರಶ್ನೆ : ಕಾರ್ಯಚಟುವಟಿಕೆ ಯಶಸ್ವಿಯಾಗಲು ಒಂದರಲ್ಲಿ ಉದಾಹರಣೆ ನೀಡಬಹುದೇ? 2020 ರಲ್ಲಿ ದೇಶದ ಮೊದಲ ಹಸಿರು ಗ್ರಾಮ ಘೋಷಣೆ ಮಾಡಲಾಯಿತು. ಸುಮಾರು 40,000 ಟನ್ ಪ್ಲಾಸ್ಟಿಕ್ ತ್ಯಾಜ್ಯ ಸಂಗ್ರಹಿಸಿ ಪುನರ್ಬಳಕೆ ಮಾಡಲಾಗಿದೆ. ಮುಂದಿನ ದಿನಗಳಲ್ಲಿ ಈ ಅಭಿಯಾನವನ್ನು ಇನ್ನಷ್ಟು ವಿಸ್ತರಿಸುವ ಗುರಿ ಹೊಂದಿದ್ದೇವೆ.
